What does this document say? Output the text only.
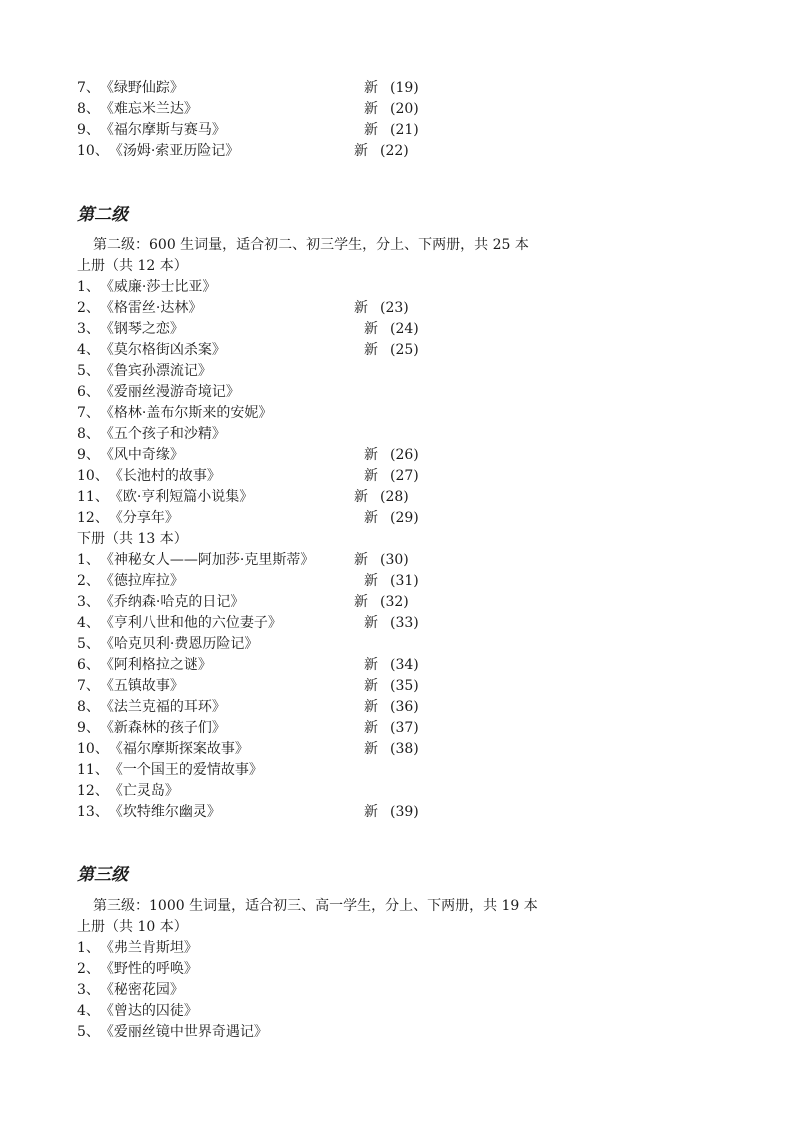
7、《绿野仙踪》	新 (19)
8、《难忘米兰达》	新 (20)
9、《福尔摩斯与赛马》	新 (21)
10、《汤姆·索亚历险记》	新 (22)
第二级
第二级：600 生词量，适合初二、初三学生，分上、下两册，共 25 本
上册（共 12 本）
1、《威廉·莎士比亚》
2、《格雷丝·达林》	新 (23)
3、《钢琴之恋》	新 (24)
4、《莫尔格街凶杀案》	新 (25)
5、《鲁宾孙漂流记》
6、《爱丽丝漫游奇境记》
7、《格林·盖布尔斯来的安妮》
8、《五个孩子和沙精》
9、《风中奇缘》	新 (26)
10、《长池村的故事》	新 (27)
11、《欧·亨利短篇小说集》	新 (28)
12、《分享年》	新 (29)
下册（共 13 本）
1、《神秘女人——阿加莎·克里斯蒂》	新 (30)
2、《德拉库拉》	新 (31)
3、《乔纳森·哈克的日记》	新 (32)
4、《亨利八世和他的六位妻子》	新 (33)
5、《哈克贝利·费恩历险记》
6、《阿利格拉之谜》	新 (34)
7、《五镇故事》	新 (35)
8、《法兰克福的耳环》	新 (36)
9、《新森林的孩子们》	新 (37)
10、《福尔摩斯探案故事》	新 (38)
11、《一个国王的爱情故事》
12、《亡灵岛》
13、《坎特维尔幽灵》	新 (39)
第三级
第三级：1000 生词量，适合初三、高一学生，分上、下两册，共 19 本
上册（共 10 本）
1、《弗兰肯斯坦》
2、《野性的呼唤》
3、《秘密花园》
4、《曾达的囚徒》
5、《爱丽丝镜中世界奇遇记》
